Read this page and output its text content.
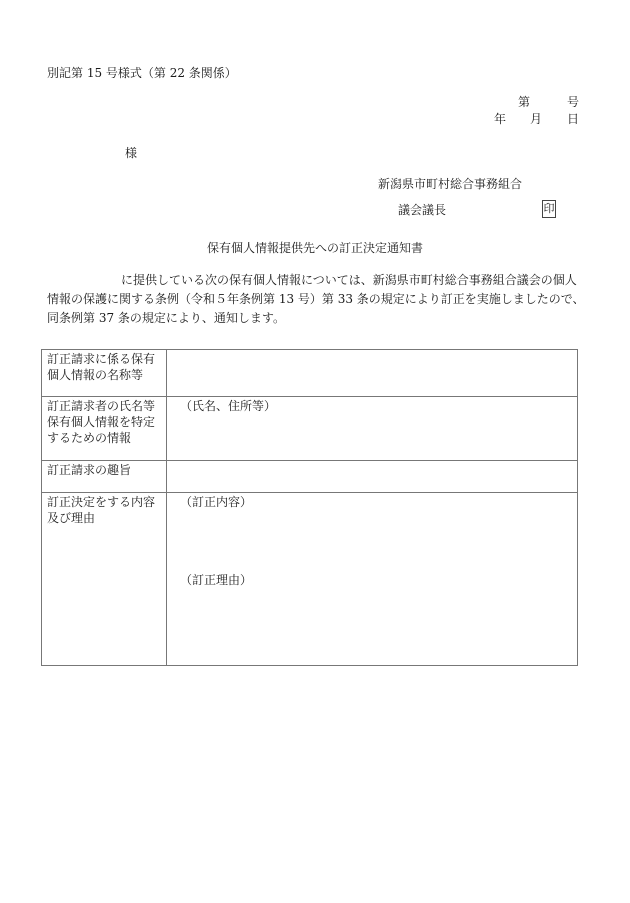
別記第 15 号様式（第 22 条関係）
第	号
年 月 日
様
新潟県市町村総合事務組合
議会議長	印
保有個人情報提供先への訂正決定通知書
に提供している次の保有個人情報については、新潟県市町村総合事務組合議会の個人情報の保護に関する条例（令和５年条例第 13 号）第 33 条の規定により訂正を実施しましたので、同条例第 37 条の規定により、通知します。
訂正請求に係る保有個人情報の名称等	
訂正請求者の氏名等保有個人情報を特定するための情報	（氏名、住所等）

訂正請求の趣旨	
訂正決定をする内容及び理由	（訂正内容）
（訂正理由）
